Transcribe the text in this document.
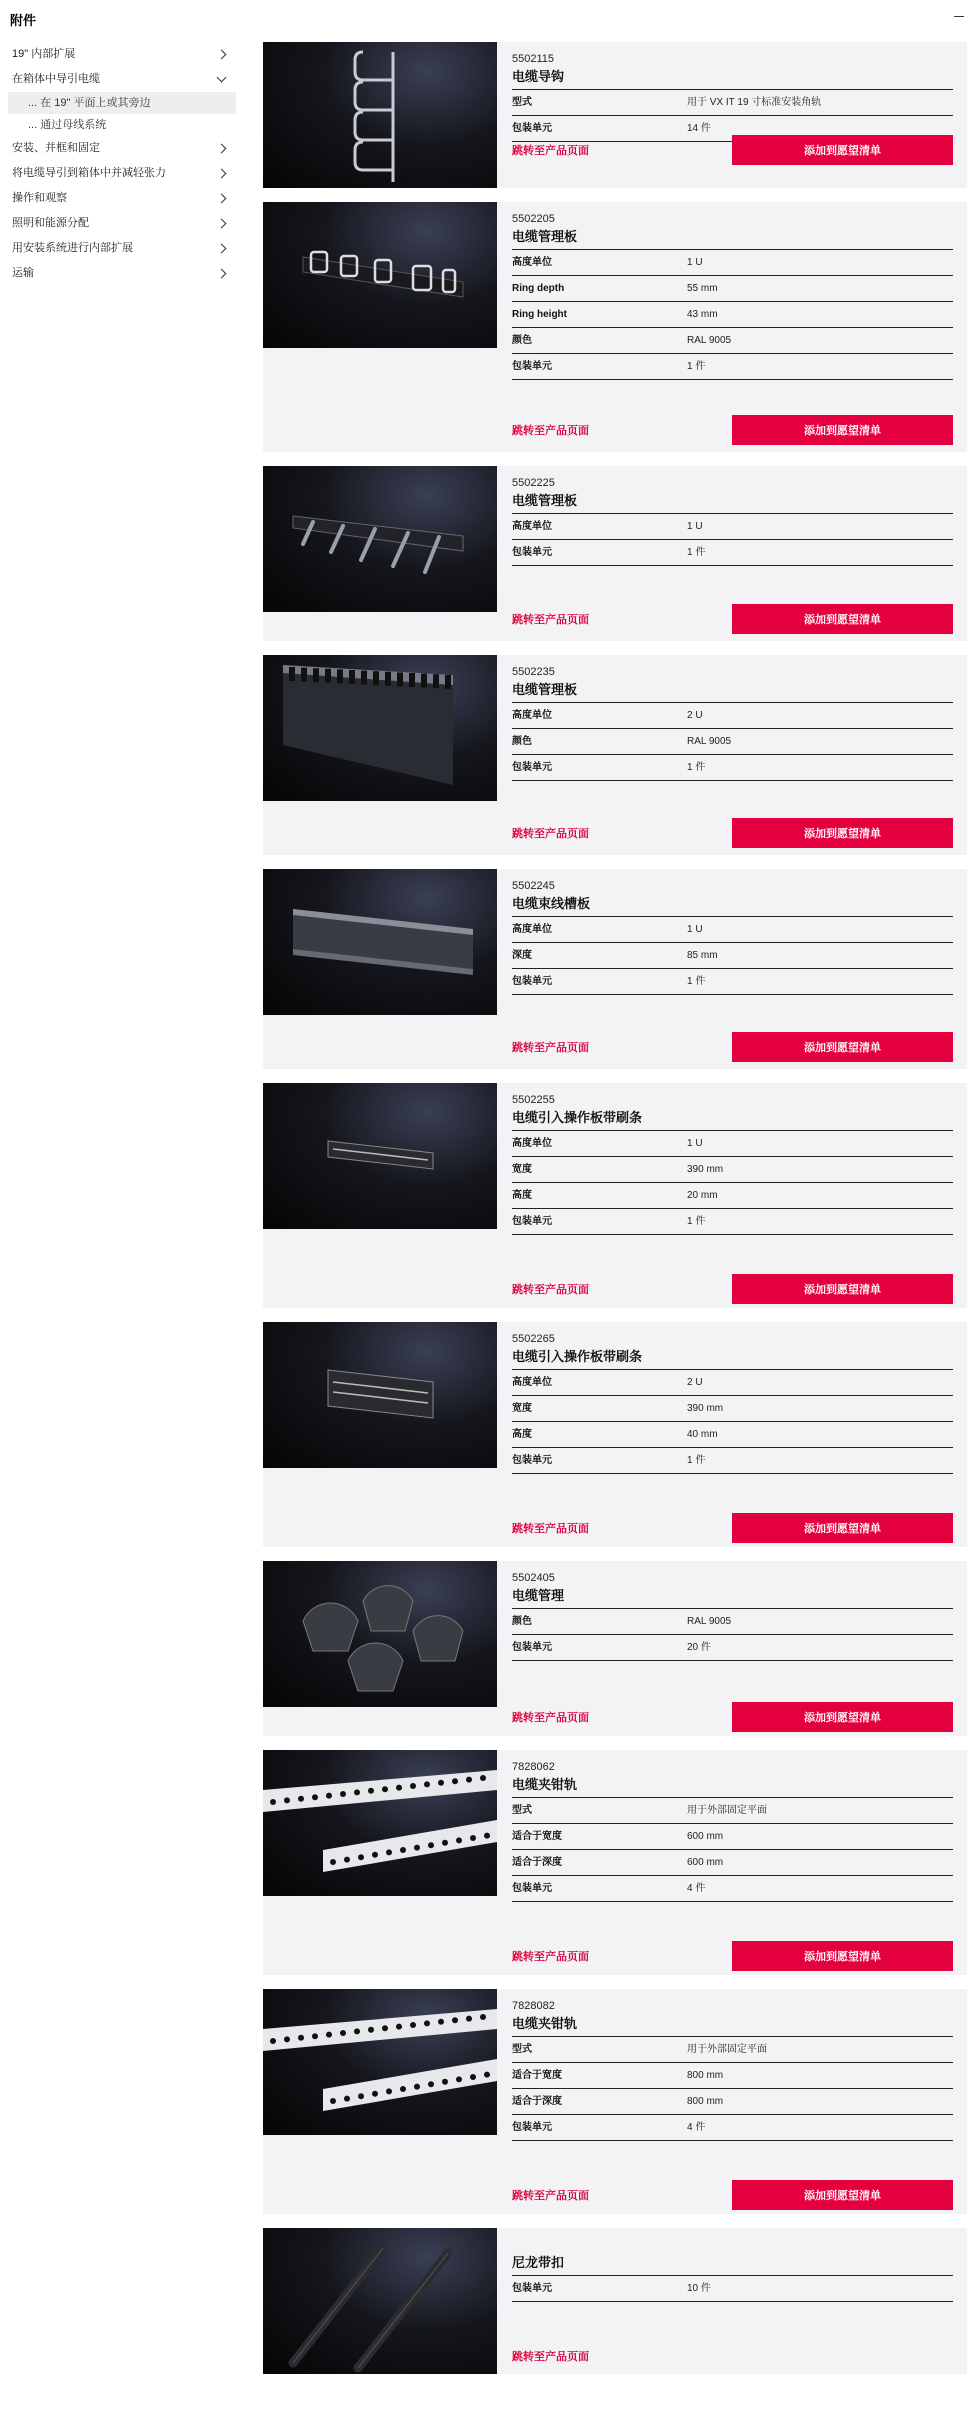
附件
19" 内部扩展
在箱体中导引电缆
... 在 19" 平面上或其旁边
... 通过母线系统
安装、并框和固定
将电缆导引到箱体中并减轻张力
操作和观察
照明和能源分配
用安装系统进行内部扩展
运输
5502115
电缆导钩
型式	用于 VX IT 19 寸标准安装角轨
包装单元	14 件
跳转至产品页面	添加到愿望清单
5502205
电缆管理板
高度单位	1 U
Ring depth	55 mm
Ring height	43 mm
颜色	RAL 9005
包装单元	1 件
跳转至产品页面	添加到愿望清单
5502225
电缆管理板
高度单位	1 U
包装单元	1 件
跳转至产品页面	添加到愿望清单
5502235
电缆管理板
高度单位	2 U
颜色	RAL 9005
包装单元	1 件
跳转至产品页面	添加到愿望清单
5502245
电缆束线槽板
高度单位	1 U
深度	85 mm
包装单元	1 件
跳转至产品页面	添加到愿望清单
5502255
电缆引入操作板带刷条
高度单位	1 U
宽度	390 mm
高度	20 mm
包装单元	1 件
跳转至产品页面	添加到愿望清单
5502265
电缆引入操作板带刷条
高度单位	2 U
宽度	390 mm
高度	40 mm
包装单元	1 件
跳转至产品页面	添加到愿望清单
5502405
电缆管理
颜色	RAL 9005
包装单元	20 件
跳转至产品页面	添加到愿望清单
7828062
电缆夹钳轨
型式	用于外部固定平面
适合于宽度	600 mm
适合于深度	600 mm
包装单元	4 件
跳转至产品页面	添加到愿望清单
7828082
电缆夹钳轨
型式	用于外部固定平面
适合于宽度	800 mm
适合于深度	800 mm
包装单元	4 件
跳转至产品页面	添加到愿望清单
尼龙带扣
包装单元	10 件
跳转至产品页面
